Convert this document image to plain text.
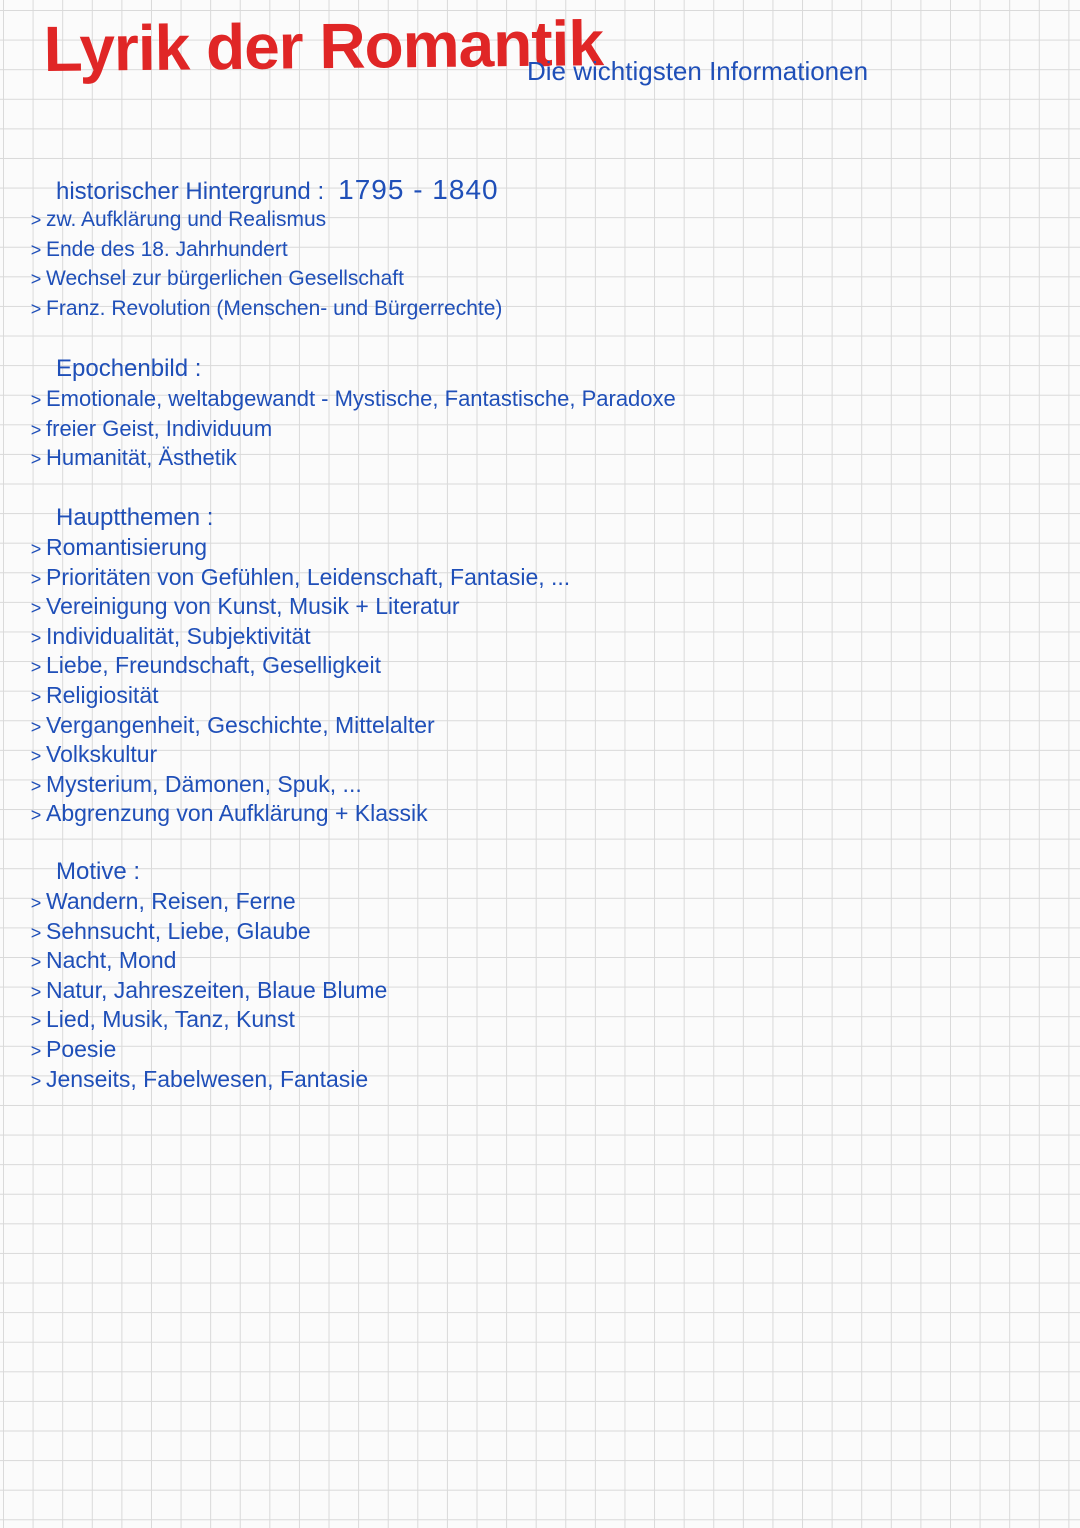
Lyrik der Romantik
Die wichtigsten Informationen
historischer Hintergrund : 1795 - 1840
> zw. Aufklärung und Realismus
> Ende des 18. Jahrhundert
> Wechsel zur bürgerlichen Gesellschaft
> Franz. Revolution (Menschen- und Bürgerrechte)
Epochenbild :
> Emotionale, weltabgewandt - Mystische, Fantastische, Paradoxe
> freier Geist, Individuum
> Humanität, Ästhetik
Hauptthemen :
> Romantisierung
> Prioritäten von Gefühlen, Leidenschaft, Fantasie, ...
> Vereinigung von Kunst, Musik + Literatur
> Individualität, Subjektivität
> Liebe, Freundschaft, Geselligkeit
> Religiosität
> Vergangenheit, Geschichte, Mittelalter
> Volkskultur
> Mysterium, Dämonen, Spuk, ...
> Abgrenzung von Aufklärung + Klassik
Motive :
> Wandern, Reisen, Ferne
> Sehnsucht, Liebe, Glaube
> Nacht, Mond
> Natur, Jahreszeiten, Blaue Blume
> Lied, Musik, Tanz, Kunst
> Poesie
> Jenseits, Fabelwesen, Fantasie
